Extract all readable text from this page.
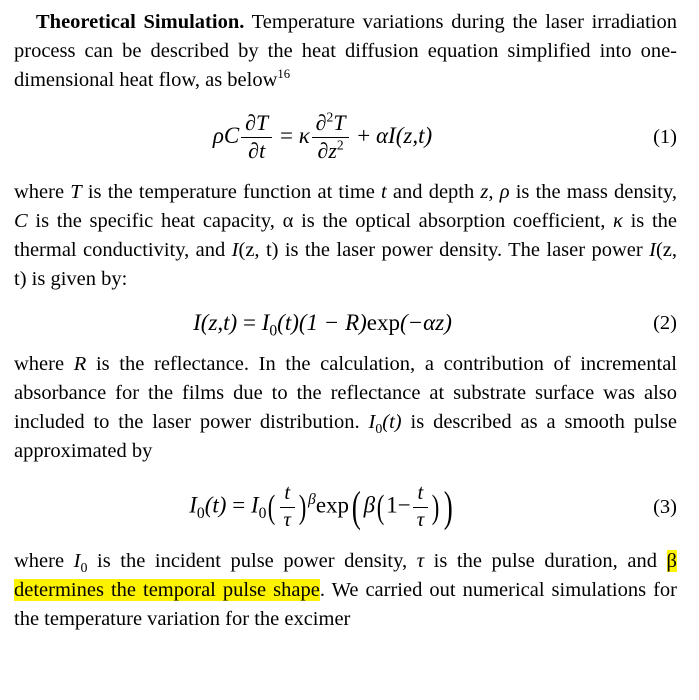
Theoretical Simulation. Temperature variations during the laser irradiation process can be described by the heat diffusion equation simplified into one-dimensional heat flow, as below$^{16}$

ρC $\frac{\partial T}{\partial t} = \kappa \frac{\partial^2T}{\partial z^2} + \alpha I(z,t)$	(1)

where T is the temperature function at time t and depth z, ρ is the mass density, C is the specific heat capacity, α is the optical absorption coefficient, κ is the thermal conductivity, and I(z, t) is the laser power density. The laser power I(z, t) is given by:

$I(z,t) = I_0(t)(1 - R)\exp(-\alpha z)$	(2)

where R is the reflectance. In the calculation, a contribution of incremental absorbance for the films due to the reflectance at substrate surface was also included to the laser power distribution. $I_0(t)$ is described as a smooth pulse approximated by

$I_0(t) = I_0( \frac{t}{\tau}$ ) $^\beta$exp( $\beta(1- \frac{t}{\tau}$ ) )	(3)

where $I_0$ is the incident pulse power density, τ is the pulse duration, and β determines the temporal pulse shape. We carried out numerical simulations for the temperature variation for the excimer
